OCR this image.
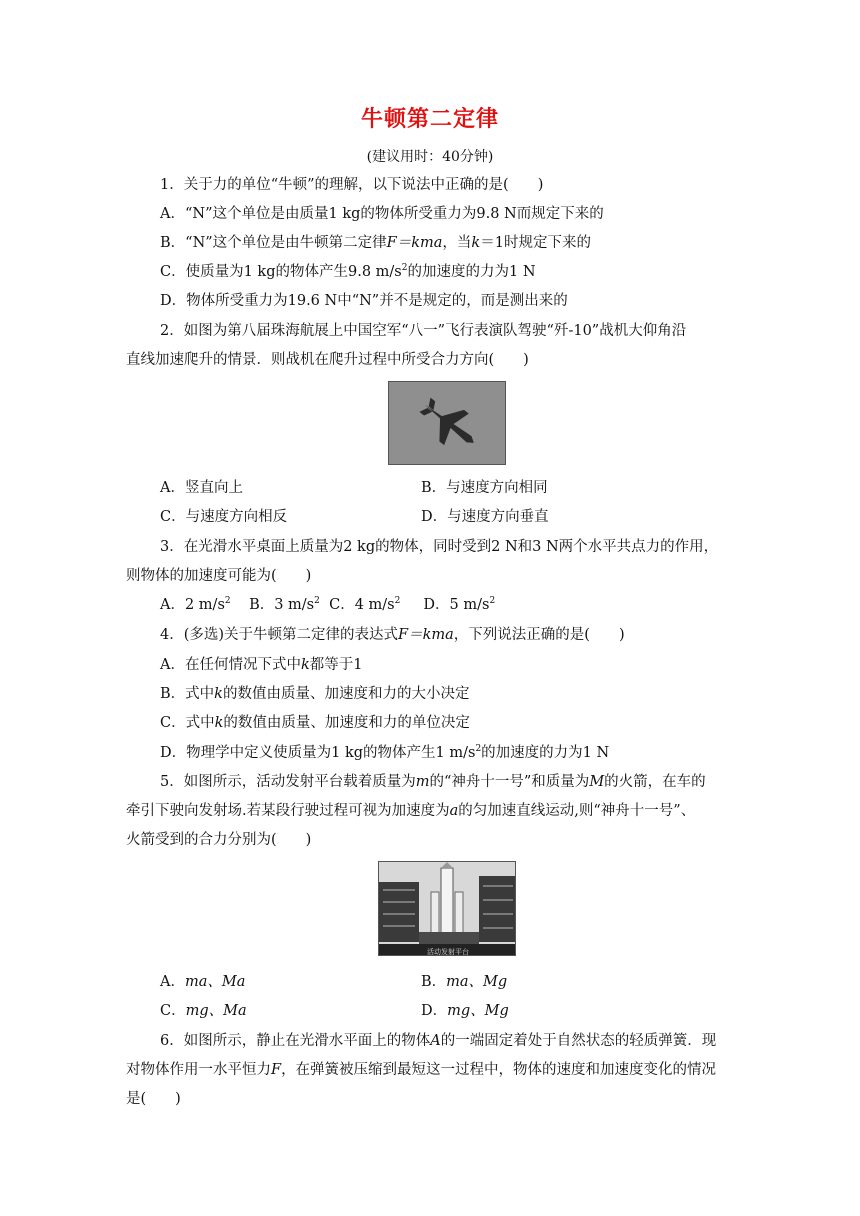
牛顿第二定律
(建议用时：40分钟)
1．关于力的单位“牛顿”的理解，以下说法中正确的是(　　)
A．“N”这个单位是由质量1 kg的物体所受重力为9.8 N而规定下来的
B．“N”这个单位是由牛顿第二定律F＝kma，当k＝1时规定下来的
C．使质量为1 kg的物体产生9.8 $m/s^2$的加速度的力为1 N
D．物体所受重力为19.6 N中“N”并不是规定的，而是测出来的
2．如图为第八届珠海航展上中国空军“八一”飞行表演队驾驶“歼-10”战机大仰角沿
直线加速爬升的情景．则战机在爬升过程中所受合力方向(　　)
A．竖直向上	B．与速度方向相同
C．与速度方向相反	D．与速度方向垂直
3．在光滑水平桌面上质量为2 kg的物体，同时受到2 N和3 N两个水平共点力的作用，
则物体的加速度可能为(　　)
A．2 $m/s^2$ B．3 $m/s^2$ C．4 $m/s^2$ D．5 $m/s^2$
4．(多选)关于牛顿第二定律的表达式F＝kma，下列说法正确的是(　　)
A．在任何情况下式中k都等于1
B．式中k的数值由质量、加速度和力的大小决定
C．式中k的数值由质量、加速度和力的单位决定
D．物理学中定义使质量为1 kg的物体产生1 $m/s^2$的加速度的力为1 N
5．如图所示，活动发射平台载着质量为m的“神舟十一号”和质量为M的火箭，在车的
牵引下驶向发射场.若某段行驶过程可视为加速度为a的匀加速直线运动,则“神舟十一号”、
火箭受到的合力分别为(　　)
活动发射平台
A．ma、Ma	B．ma、Mg
C．mg、Ma	D．mg、Mg
6．如图所示，静止在光滑水平面上的物体A的一端固定着处于自然状态的轻质弹簧．现
对物体作用一水平恒力F，在弹簧被压缩到最短这一过程中，物体的速度和加速度变化的情况
是(　　)
